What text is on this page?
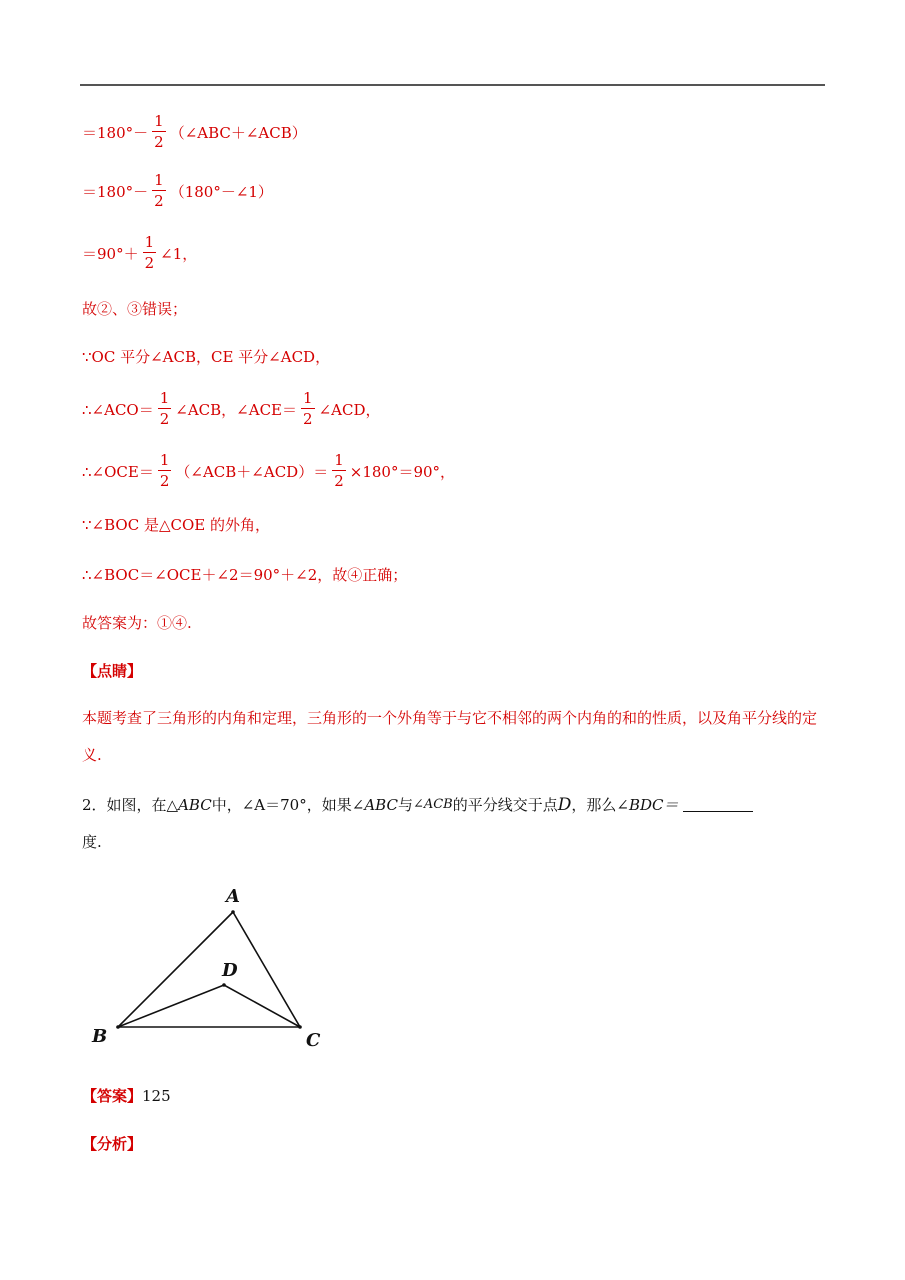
$=180^\circ- \frac{1}{2}$ （∠ABC＋∠ACB）
$=180^\circ- \frac{1}{2}$ （180°－∠1）
$=90^\circ+ \frac{1}{2}$ ∠1，
故②、③错误；
∵OC 平分∠ACB，CE 平分∠ACD，
∴∠ACO＝ $\frac{1}{2}$ ∠ACB，∠ACE＝ $\frac{1}{2}$ ∠ACD，
∴∠OCE＝ $\frac{1}{2}$ （∠ACB＋∠ACD）＝ $\frac{1}{2} \times 180^\circ=90^\circ$，
∵∠BOC 是△COE 的外角，
∴∠BOC＝∠OCE＋∠2＝90°＋∠2，故④正确；
故答案为：①④.
【点睛】
本题考查了三角形的内角和定理，三角形的一个外角等于与它不相邻的两个内角的和的性质，以及角平分线的定义.
2．如图，在△ ABC 中， ∠A＝70° ，如果 ∠ABC 与 ∠ACB 的平分线交于点 D ，那么 ∠BDC＝
度.
A
D
B	C
【答案】 125
【分析】
